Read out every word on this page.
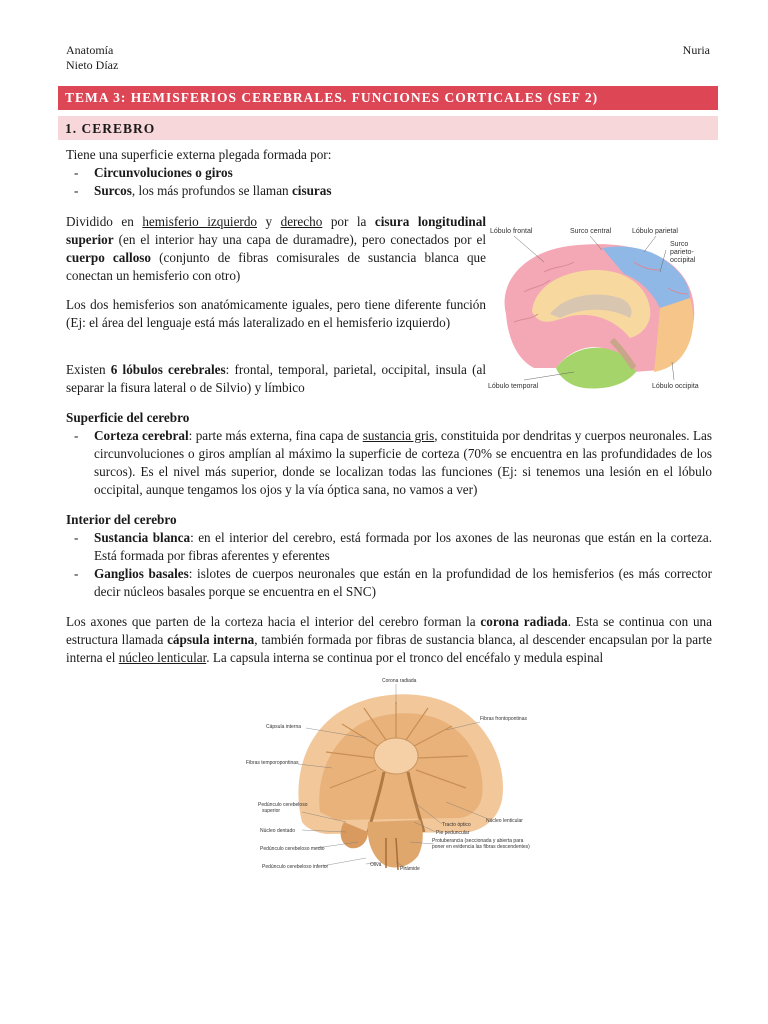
Anatomía
Nieto Díaz
Nuria
TEMA 3: HEMISFERIOS CEREBRALES. FUNCIONES CORTICALES (SEF 2)
1. CEREBRO
Tiene una superficie externa plegada formada por:
- Circunvoluciones o giros
- Surcos, los más profundos se llaman cisuras
Dividido en hemisferio izquierdo y derecho por la cisura longitudinal superior (en el interior hay una capa de duramadre), pero conectados por el cuerpo calloso (conjunto de fibras comisurales de sustancia blanca que conectan un hemisferio con otro)
Los dos hemisferios son anatómicamente iguales, pero tiene diferente función (Ej: el área del lenguaje está más lateralizado en el hemisferio izquierdo)
Existen 6 lóbulos cerebrales: frontal, temporal, parietal, occipital, insula (al separar la fisura lateral o de Silvio) y límbico
Lóbulo frontal	Surco central	Lóbulo parietal
Surco
parieto-
occipital
Lóbulo temporal	Lóbulo occipita
Superficie del cerebro
- Corteza cerebral: parte más externa, fina capa de sustancia gris, constituida por dendritas y cuerpos neuronales. Las circunvoluciones o giros amplían al máximo la superficie de corteza (70% se encuentra en las profundidades de los surcos). Es el nivel más superior, donde se localizan todas las funciones (Ej: si tenemos una lesión en el lóbulo occipital, aunque tengamos los ojos y la vía óptica sana, no vamos a ver)
Interior del cerebro
- Sustancia blanca: en el interior del cerebro, está formada por los axones de las neuronas que están en la corteza. Está formada por fibras aferentes y eferentes
- Ganglios basales: islotes de cuerpos neuronales que están en la profundidad de los hemisferios (es más corrector decir núcleos basales porque se encuentra en el SNC)
Los axones que parten de la corteza hacia el interior del cerebro forman la corona radiada. Esta se continua con una estructura llamada cápsula interna, también formada por fibras de sustancia blanca, al descender encapsulan por la parte interna el núcleo lenticular. La capsula interna se continua por el tronco del encéfalo y medula espinal
Corona radiada
Cápsula interna
Fibras frontopontinas
Fibras temporopontinas
Pedúnculo cerebeloso
superior
Núcleo lenticular
Núcleo dentado
Tracto óptico
Pie peduncular
Pedúnculo cerebeloso medio
Protuberancia (seccionada y abierta para
poner en evidencia las fibras descendentes)
Pedúnculo cerebeloso inferior	Oliva
Pirámide
